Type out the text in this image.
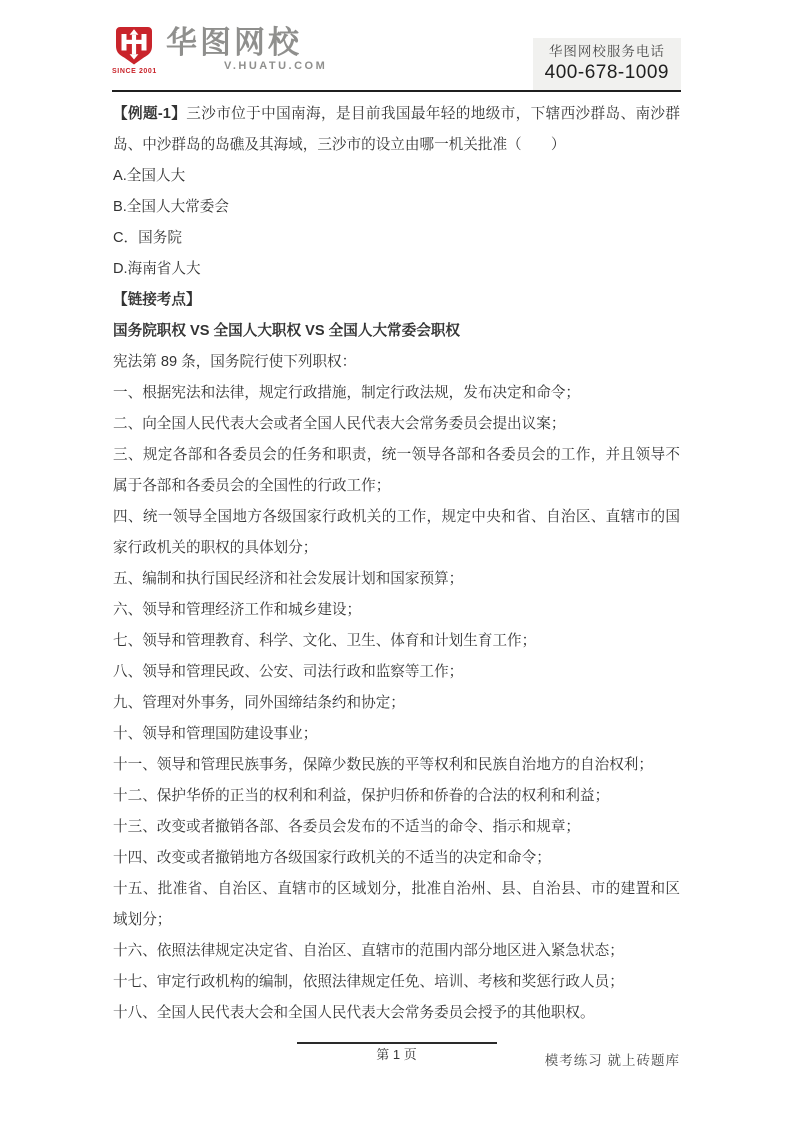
SINCE 2001
华图网校
V.HUATU.COM
华图网校服务电话
400-678-1009

【例题-1】三沙市位于中国南海，是目前我国最年轻的地级市，下辖西沙群岛、南沙群岛、中沙群岛的岛礁及其海域，三沙市的设立由哪一机关批准（　　）

A.全国人大

B.全国人大常委会

C．国务院

D.海南省人大

【链接考点】

国务院职权 VS 全国人大职权 VS 全国人大常委会职权

宪法第 89 条，国务院行使下列职权：

一、根据宪法和法律，规定行政措施，制定行政法规，发布决定和命令；

二、向全国人民代表大会或者全国人民代表大会常务委员会提出议案；

三、规定各部和各委员会的任务和职责，统一领导各部和各委员会的工作，并且领导不属于各部和各委员会的全国性的行政工作；

四、统一领导全国地方各级国家行政机关的工作，规定中央和省、自治区、直辖市的国家行政机关的职权的具体划分；

五、编制和执行国民经济和社会发展计划和国家预算；

六、领导和管理经济工作和城乡建设；

七、领导和管理教育、科学、文化、卫生、体育和计划生育工作；

八、领导和管理民政、公安、司法行政和监察等工作；

九、管理对外事务，同外国缔结条约和协定；

十、领导和管理国防建设事业；

十一、领导和管理民族事务，保障少数民族的平等权利和民族自治地方的自治权利；

十二、保护华侨的正当的权利和利益，保护归侨和侨眷的合法的权利和利益；

十三、改变或者撤销各部、各委员会发布的不适当的命令、指示和规章；

十四、改变或者撤销地方各级国家行政机关的不适当的决定和命令；

十五、批准省、自治区、直辖市的区域划分，批准自治州、县、自治县、市的建置和区域划分；

十六、依照法律规定决定省、自治区、直辖市的范围内部分地区进入紧急状态；

十七、审定行政机构的编制，依照法律规定任免、培训、考核和奖惩行政人员；

十八、全国人民代表大会和全国人民代表大会常务委员会授予的其他职权。

第 1 页	模考练习 就上砖题库
